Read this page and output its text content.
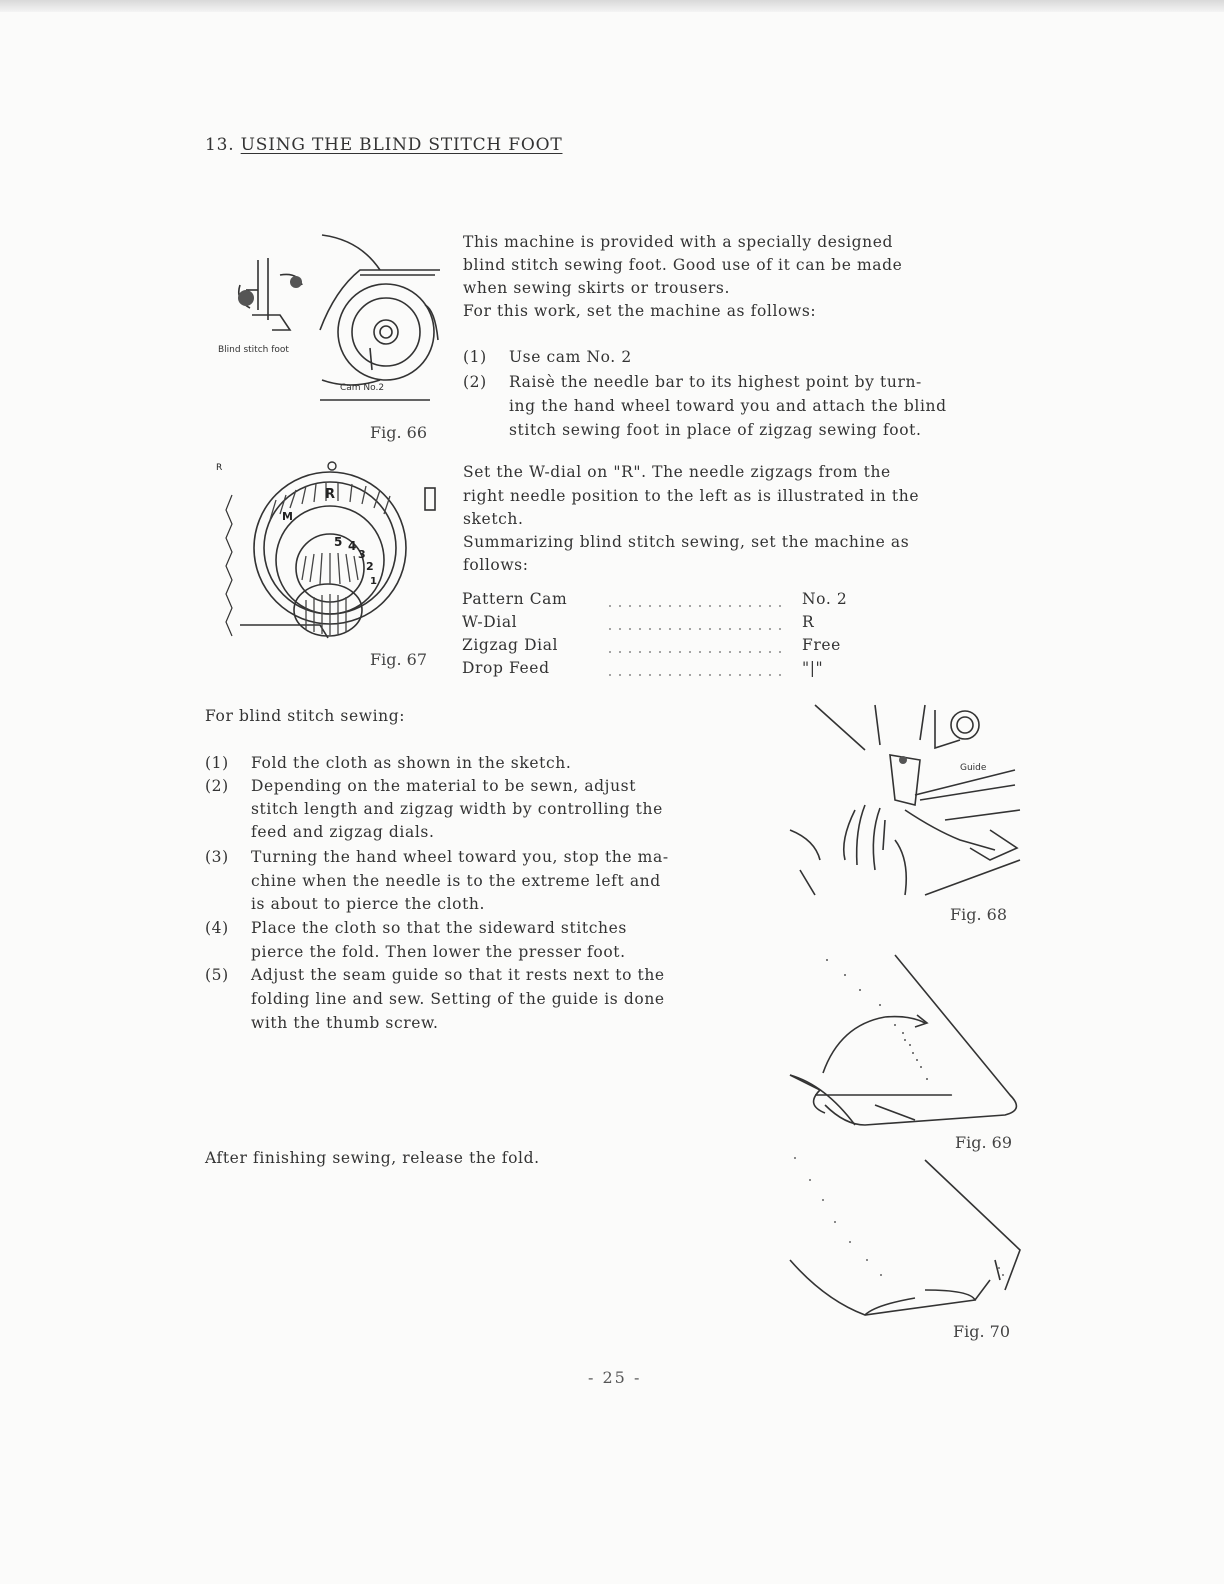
13. USING THE BLIND STITCH FOOT
Blind stitch foot
Cam No.2
Fig. 66
This machine is provided with a specially designed
blind stitch sewing foot. Good use of it can be made
when sewing skirts or trousers.
For this work, set the machine as follows:
(1) Use cam No. 2
(2) Raisè the needle bar to its highest point by turn-
ing the hand wheel toward you and attach the blind
stitch sewing foot in place of zigzag sewing foot.
R
M
5 4
3
2
1
R
Fig. 67
Set the W-dial on "R". The needle zigzags from the
right needle position to the left as is illustrated in the
sketch.
Summarizing blind stitch sewing, set the machine as
follows:
Pattern Cam	No. 2
W-Dial	R
Zigzag Dial	Free
Drop Feed	"|"
For blind stitch sewing:
(1) Fold the cloth as shown in the sketch.
(2) Depending on the material to be sewn, adjust
stitch length and zigzag width by controlling the
feed and zigzag dials.
(3) Turning the hand wheel toward you, stop the ma-
chine when the needle is to the extreme left and
is about to pierce the cloth.
(4) Place the cloth so that the sideward stitches
pierce the fold. Then lower the presser foot.
(5) Adjust the seam guide so that it rests next to the
folding line and sew. Setting of the guide is done
with the thumb screw.
Guide
Fig. 68
Fig. 69
After finishing sewing, release the fold.
Fig. 70
- 25 -
